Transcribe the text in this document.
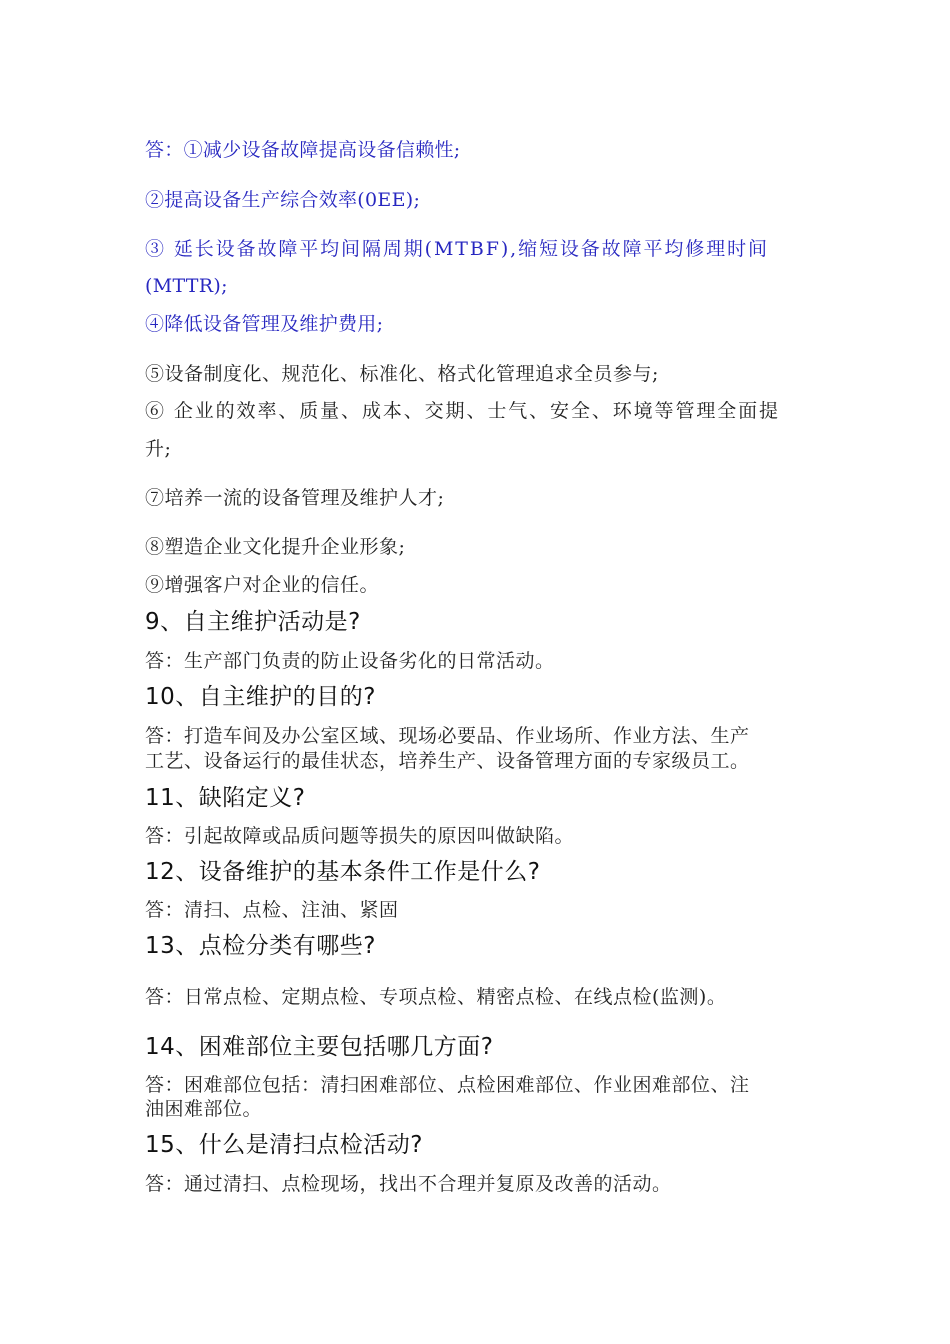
答：①减少设备故障提高设备信赖性;
②提高设备生产综合效率(0EE);
③ 延长设备故障平均间隔周期(MTBF),缩短设备故障平均修理时间
(MTTR);
④降低设备管理及维护费用;
⑤设备制度化、规范化、标准化、格式化管理追求全员参与;
⑥ 企业的效率、质量、成本、交期、士气、安全、环境等管理全面提
升;
⑦培养一流的设备管理及维护人才;
⑧塑造企业文化提升企业形象;
⑨增强客户对企业的信任。
9、自主维护活动是?
答：生产部门负责的防止设备劣化的日常活动。
10、自主维护的目的?
答：打造车间及办公室区域、现场必要品、作业场所、作业方法、生产
工艺、设备运行的最佳状态，培养生产、设备管理方面的专家级员工。
11、缺陷定义?
答：引起故障或品质问题等损失的原因叫做缺陷。
12、设备维护的基本条件工作是什么?
答：清扫、点检、注油、紧固
13、点检分类有哪些?
答：日常点检、定期点检、专项点检、精密点检、在线点检(监测)。
14、困难部位主要包括哪几方面?
答：困难部位包括：清扫困难部位、点检困难部位、作业困难部位、注
油困难部位。
15、什么是清扫点检活动?
答：通过清扫、点检现场，找出不合理并复原及改善的活动。
